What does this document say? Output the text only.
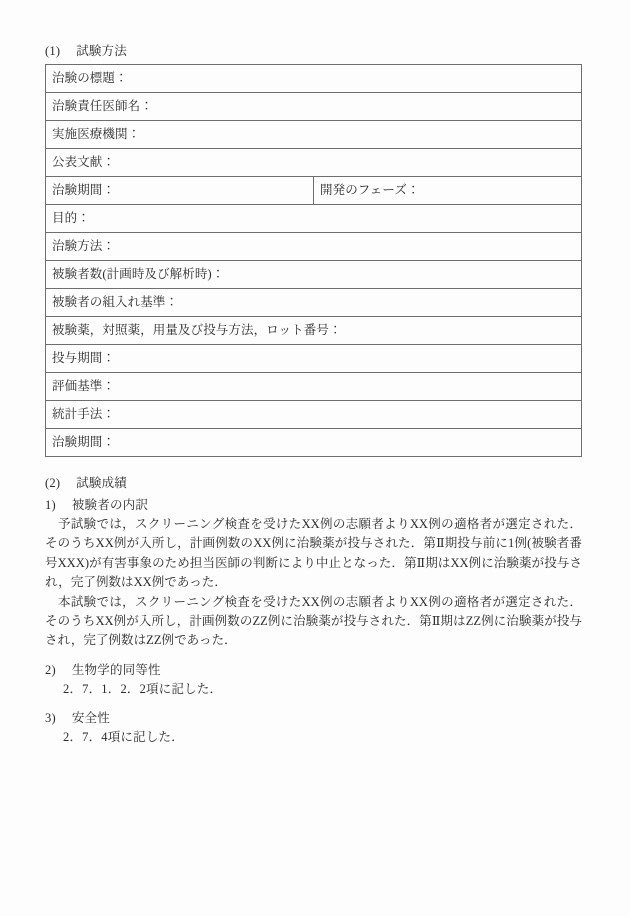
(1)　 試験方法
治験の標題：
治験責任医師名：
実施医療機関：
公表文献：
治験期間：	開発のフェーズ：
目的：
治験方法：
被験者数(計画時及び解析時)：
被験者の組入れ基準：
被験薬，対照薬，用量及び投与方法，ロット番号：
投与期間：
評価基準：
統計手法：
治験期間：
(2)　 試験成績
1)　 被験者の内訳

予試験では，スクリーニング検査を受けたXX例の志願者よりXX例の適格者が選定された．そのうちXX例が入所し，計画例数のXX例に治験薬が投与された．第Ⅱ期投与前に1例(被験者番号XXX)が有害事象のため担当医師の判断により中止となった．第Ⅱ期はXX例に治験薬が投与され，完了例数はXX例であった．

本試験では，スクリーニング検査を受けたXX例の志願者よりXX例の適格者が選定された．そのうちXX例が入所し，計画例数のZZ例に治験薬が投与された．第Ⅱ期はZZ例に治験薬が投与され，完了例数はZZ例であった．

2)　 生物学的同等性
2．7．1．2．2項に記した．
3)　 安全性
2．7．4項に記した．
